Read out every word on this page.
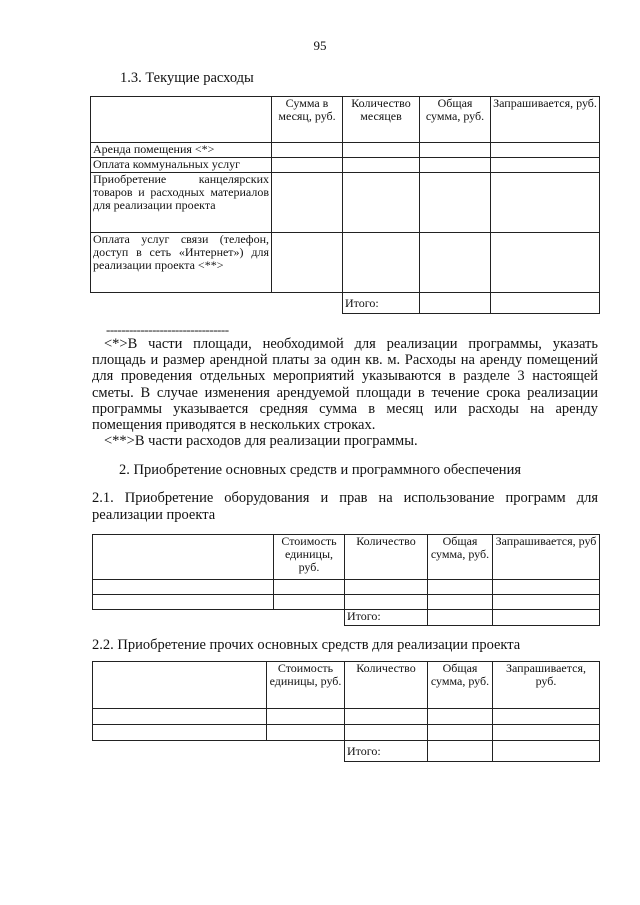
95
1.3. Текущие расходы
	Сумма в месяц, руб.	Количество месяцев	Общая сумма, руб.	Запрашивается, руб.
Аренда помещения <*>				
Оплата коммунальных услуг				
Приобретение канцелярских товаров и расходных материалов для реализации проекта				
Оплата услуг связи (телефон, доступ в сеть «Интернет») для реализации проекта <**>				
		Итого:		
--------------------------------

<*>В части площади, необходимой для реализации программы, указать площадь и размер арендной платы за один кв. м. Расходы на аренду помещений для проведения отдельных мероприятий указываются в разделе 3 настоящей сметы. В случае изменения арендуемой площади в течение срока реализации программы указывается средняя сумма в месяц или расходы на аренду помещения приводятся в нескольких строках.

<**>В части расходов для реализации программы.

2. Приобретение основных средств и программного обеспечения
2.1. Приобретение оборудования и прав на использование программ для реализации проекта
	Стоимость единицы, руб.	Количество	Общая сумма, руб.	Запрашивается, руб

		Итого:		
2.2. Приобретение прочих основных средств для реализации проекта
	Стоимость единицы, руб.	Количество	Общая сумма, руб.	Запрашивается, руб.

		Итого:		
